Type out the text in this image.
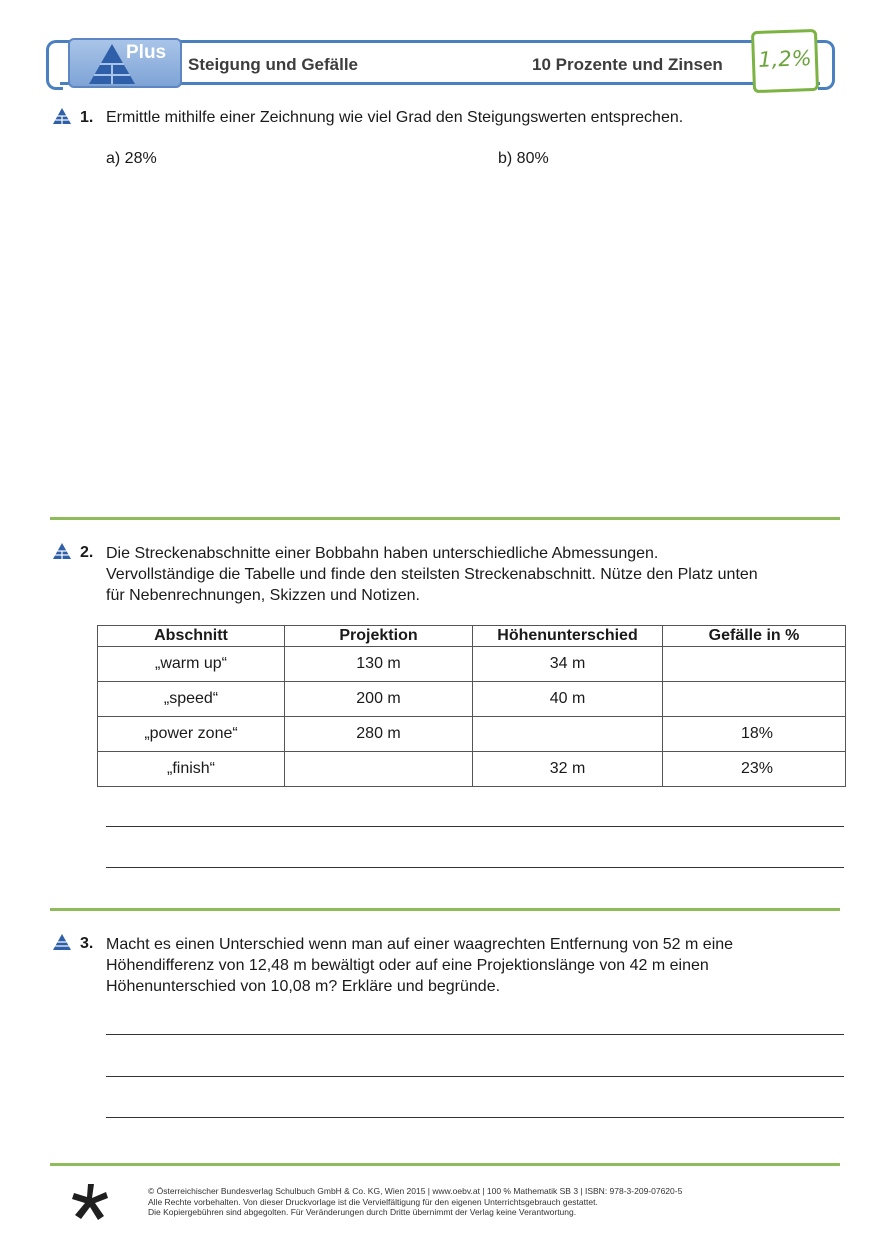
Plus
Steigung und Gefälle	10 Prozente und Zinsen 1,2%
1. Ermittle mithilfe einer Zeichnung wie viel Grad den Steigungswerten entsprechen.
a) 28%	b) 80%
2. Die Streckenabschnitte einer Bobbahn haben unterschiedliche Abmessungen.
Vervollständige die Tabelle und finde den steilsten Streckenabschnitt. Nütze den Platz unten
für Nebenrechnungen, Skizzen und Notizen.
Abschnitt	Projektion	Höhenunterschied	Gefälle in %
„warm up“	130 m	34 m	
„speed“	200 m	40 m	
„power zone“	280 m		18%
„finish“		32 m	23%
3. Macht es einen Unterschied wenn man auf einer waagrechten Entfernung von 52 m eine
Höhendifferenz von 12,48 m bewältigt oder auf eine Projektionslänge von 42 m einen
Höhenunterschied von 10,08 m? Erkläre und begründe.
© Österreichischer Bundesverlag Schulbuch GmbH & Co. KG, Wien 2015 | www.oebv.at | 100 % Mathematik SB 3 | ISBN: 978-3-209-07620-5
Alle Rechte vorbehalten. Von dieser Druckvorlage ist die Vervielfältigung für den eigenen Unterrichtsgebrauch gestattet.
Die Kopiergebühren sind abgegolten. Für Veränderungen durch Dritte übernimmt der Verlag keine Verantwortung.
